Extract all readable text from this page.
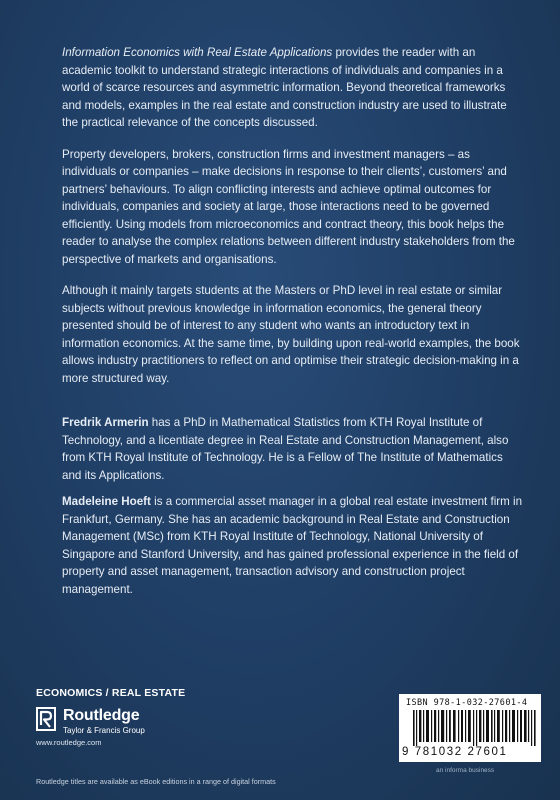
Information Economics with Real Estate Applications provides the reader with an academic toolkit to understand strategic interactions of individuals and companies in a world of scarce resources and asymmetric information. Beyond theoretical frameworks and models, examples in the real estate and construction industry are used to illustrate the practical relevance of the concepts discussed.

Property developers, brokers, construction firms and investment managers – as individuals or companies – make decisions in response to their clients’, customers’ and partners’ behaviours. To align conflicting interests and achieve optimal outcomes for individuals, companies and society at large, those interactions need to be governed efficiently. Using models from microeconomics and contract theory, this book helps the reader to analyse the complex relations between different industry stakeholders from the perspective of markets and organisations.

Although it mainly targets students at the Masters or PhD level in real estate or similar subjects without previous knowledge in information economics, the general theory presented should be of interest to any student who wants an introductory text in information economics. At the same time, by building upon real-world examples, the book allows industry practitioners to reflect on and optimise their strategic decision-making in a more structured way.

Fredrik Armerin has a PhD in Mathematical Statistics from KTH Royal Institute of Technology, and a licentiate degree in Real Estate and Construction Management, also from KTH Royal Institute of Technology. He is a Fellow of The Institute of Mathematics and its Applications.

Madeleine Hoeft is a commercial asset manager in a global real estate investment firm in Frankfurt, Germany. She has an academic background in Real Estate and Construction Management (MSc) from KTH Royal Institute of Technology, National University of Singapore and Stanford University, and has gained professional experience in the field of property and asset management, transaction advisory and construction project management.

ECONOMICS / REAL ESTATE
Routledge
Taylor & Francis Group
www.routledge.com
Routledge titles are available as eBook editions in a range of digital formats
ISBN 978-1-032-27601-4
9 781032 27601
an informa business
